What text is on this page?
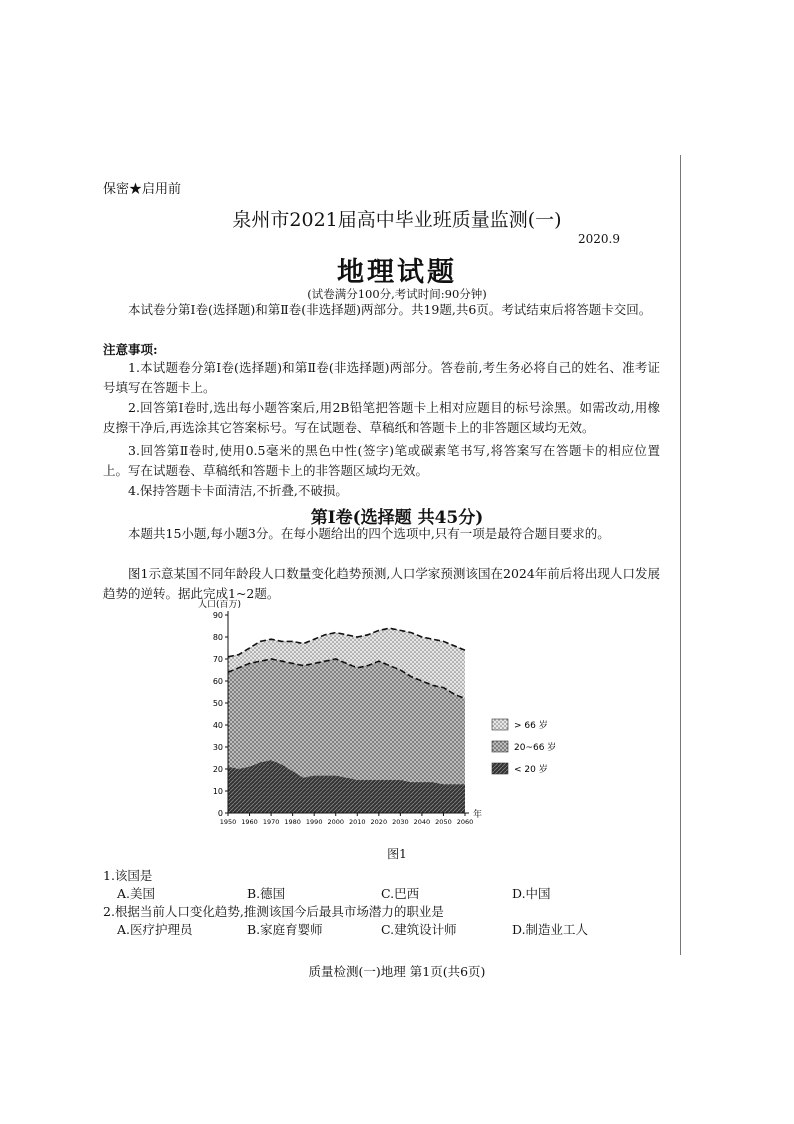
保密★启用前
泉州市2021届高中毕业班质量监测(一)
2020.9
地理试题
(试卷满分100分,考试时间:90分钟)
本试卷分第Ⅰ卷(选择题)和第Ⅱ卷(非选择题)两部分。共19题,共6页。考试结束后将答题卡交回。
注意事项:
1.本试题卷分第Ⅰ卷(选择题)和第Ⅱ卷(非选择题)两部分。答卷前,考生务必将自己的姓名、准考证号填写在答题卡上。
2.回答第Ⅰ卷时,选出每小题答案后,用2B铅笔把答题卡上相对应题目的标号涂黑。如需改动,用橡皮擦干净后,再选涂其它答案标号。写在试题卷、草稿纸和答题卡上的非答题区域均无效。
3.回答第Ⅱ卷时,使用0.5毫米的黑色中性(签字)笔或碳素笔书写,将答案写在答题卡的相应位置上。写在试题卷、草稿纸和答题卡上的非答题区域均无效。
4.保持答题卡卡面清洁,不折叠,不破损。
第Ⅰ卷(选择题 共45分)
本题共15小题,每小题3分。在每小题给出的四个选项中,只有一项是最符合题目要求的。
图1示意某国不同年龄段人口数量变化趋势预测,人口学家预测该国在2024年前后将出现人口发展趋势的逆转。据此完成1~2题。
0
10
20
30
40
50
60
70
80
90
1950 1960 1970 1980 1990 2000 2010 2020 2030 2040 2050 2060
人口(百万)
年
> 66 岁
20~66 岁
< 20 岁
图1
1.该国是
A.美国	B.德国	C.巴西	D.中国
2.根据当前人口变化趋势,推测该国今后最具市场潜力的职业是
A.医疗护理员	B.家庭育婴师	C.建筑设计师	D.制造业工人
质量检测(一)地理 第1页(共6页)
